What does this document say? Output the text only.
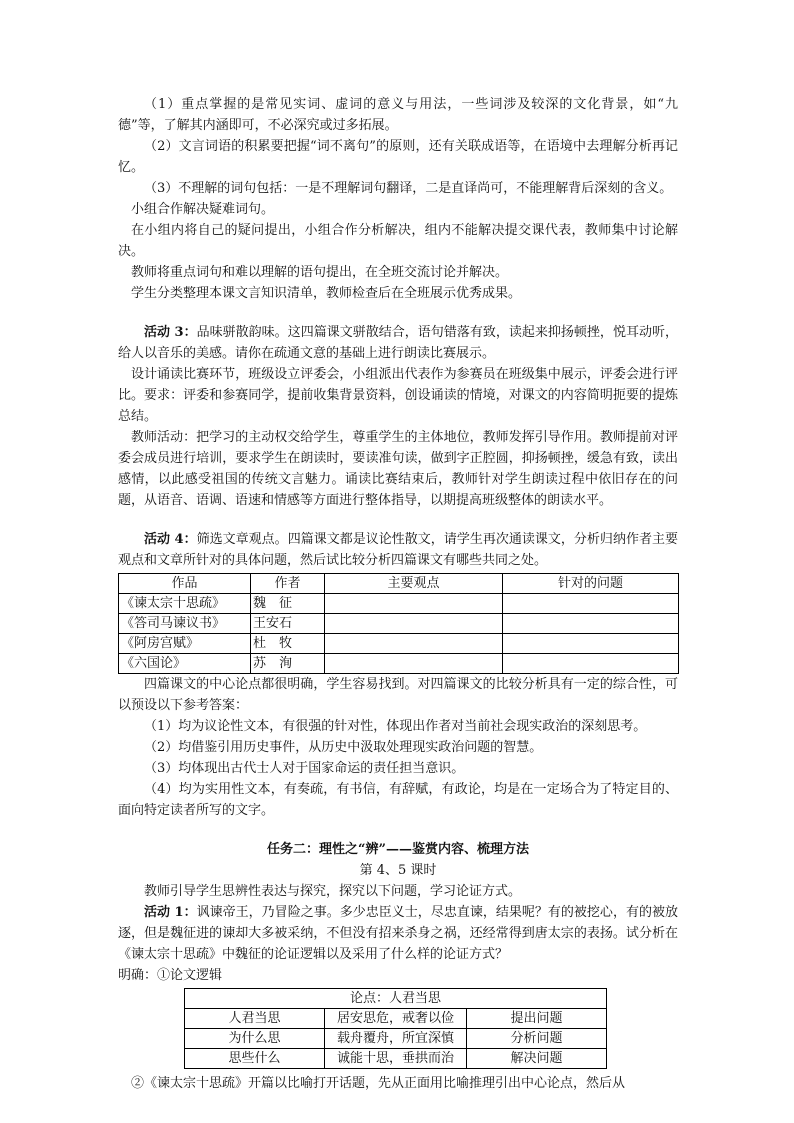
（1）重点掌握的是常见实词、虚词的意义与用法，一些词涉及较深的文化背景，如“九德”等，了解其内涵即可，不必深究或过多拓展。

（2）文言词语的积累要把握“词不离句”的原则，还有关联成语等，在语境中去理解分析再记忆。

（3）不理解的词句包括：一是不理解词句翻译，二是直译尚可，不能理解背后深刻的含义。

小组合作解决疑难词句。

在小组内将自己的疑问提出，小组合作分析解决，组内不能解决提交课代表，教师集中讨论解决。

教师将重点词句和难以理解的语句提出，在全班交流讨论并解决。

学生分类整理本课文言知识清单，教师检查后在全班展示优秀成果。

活动 3：品味骈散韵味。这四篇课文骈散结合，语句错落有致，读起来抑扬顿挫，悦耳动听，给人以音乐的美感。请你在疏通文意的基础上进行朗读比赛展示。

设计诵读比赛环节，班级设立评委会，小组派出代表作为参赛员在班级集中展示，评委会进行评比。要求：评委和参赛同学，提前收集背景资料，创设诵读的情境，对课文的内容简明扼要的提炼总结。

教师活动：把学习的主动权交给学生，尊重学生的主体地位，教师发挥引导作用。教师提前对评委会成员进行培训，要求学生在朗读时，要读准句读，做到字正腔圆，抑扬顿挫，缓急有致，读出感情，以此感受祖国的传统文言魅力。诵读比赛结束后，教师针对学生朗读过程中依旧存在的问题，从语音、语调、语速和情感等方面进行整体指导，以期提高班级整体的朗读水平。

活动 4：筛选文章观点。四篇课文都是议论性散文，请学生再次通读课文，分析归纳作者主要观点和文章所针对的具体问题，然后试比较分析四篇课文有哪些共同之处。

作品	作者	主要观点	针对的问题
《谏太宗十思疏》	魏　征		
《答司马谏议书》	王安石		
《阿房宫赋》	杜　牧		
《六国论》	苏　洵		

四篇课文的中心论点都很明确，学生容易找到。对四篇课文的比较分析具有一定的综合性，可以预设以下参考答案：

（1）均为议论性文本，有很强的针对性，体现出作者对当前社会现实政治的深刻思考。

（2）均借鉴引用历史事件，从历史中汲取处理现实政治问题的智慧。

（3）均体现出古代士人对于国家命运的责任担当意识。

（4）均为实用性文本，有奏疏，有书信，有辞赋，有政论，均是在一定场合为了特定目的、面向特定读者所写的文字。

任务二：理性之“辨”——鉴赏内容、梳理方法

第 4、5 课时

教师引导学生思辨性表达与探究，探究以下问题，学习论证方式。

活动 1：讽谏帝王，乃冒险之事。多少忠臣义士，尽忠直谏，结果呢？有的被挖心，有的被放逐，但是魏征进的谏却大多被采纳，不但没有招来杀身之祸，还经常得到唐太宗的表扬。试分析在《谏太宗十思疏》中魏征的论证逻辑以及采用了什么样的论证方式？

明确：①论文逻辑

论点：人君当思		
人君当思	居安思危，戒奢以俭	提出问题
为什么思	载舟覆舟，所宜深慎	分析问题
思些什么	诚能十思，垂拱而治	解决问题

②《谏太宗十思疏》开篇以比喻打开话题，先从正面用比喻推理引出中心论点，然后从
